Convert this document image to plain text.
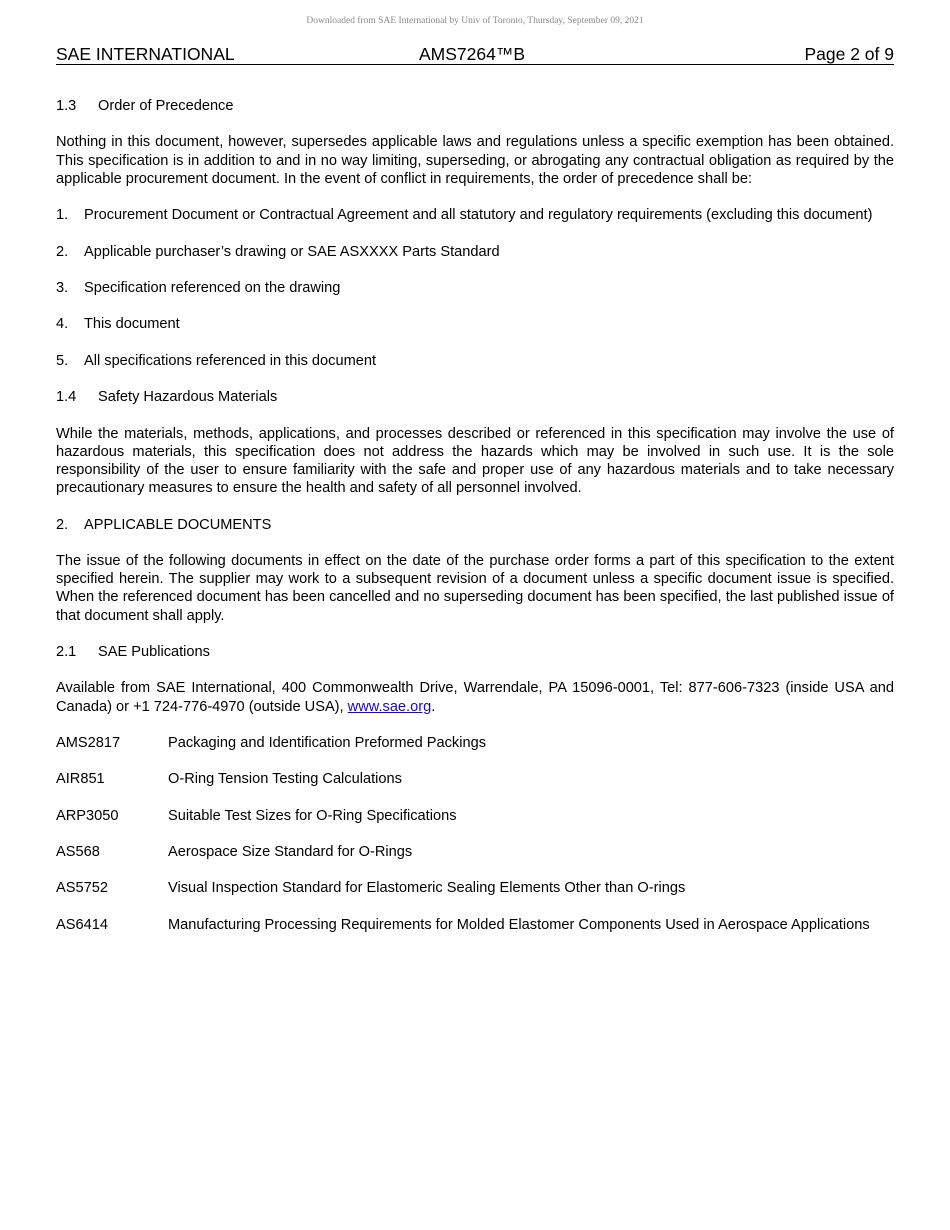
Downloaded from SAE International by Univ of Toronto, Thursday, September 09, 2021
SAE INTERNATIONAL	AMS7264™B	Page 2 of 9
1.3	Order of Precedence

Nothing in this document, however, supersedes applicable laws and regulations unless a specific exemption has been obtained. This specification is in addition to and in no way limiting, superseding, or abrogating any contractual obligation as required by the applicable procurement document. In the event of conflict in requirements, the order of precedence shall be:

1.	Procurement Document or Contractual Agreement and all statutory and regulatory requirements (excluding this document)
2.	Applicable purchaser’s drawing or SAE ASXXXX Parts Standard
3.	Specification referenced on the drawing
4.	This document
5.	All specifications referenced in this document
1.4	Safety Hazardous Materials

While the materials, methods, applications, and processes described or referenced in this specification may involve the use of hazardous materials, this specification does not address the hazards which may be involved in such use. It is the sole responsibility of the user to ensure familiarity with the safe and proper use of any hazardous materials and to take necessary precautionary measures to ensure the health and safety of all personnel involved.

2.	APPLICABLE DOCUMENTS

The issue of the following documents in effect on the date of the purchase order forms a part of this specification to the extent specified herein. The supplier may work to a subsequent revision of a document unless a specific document issue is specified. When the referenced document has been cancelled and no superseding document has been specified, the last published issue of that document shall apply.

2.1	SAE Publications

Available from SAE International, 400 Commonwealth Drive, Warrendale, PA 15096-0001, Tel: 877-606-7323 (inside USA and Canada) or +1 724-776-4970 (outside USA), www.sae.org.

AMS2817	Packaging and Identification Preformed Packings
AIR851	O-Ring Tension Testing Calculations
ARP3050	Suitable Test Sizes for O-Ring Specifications
AS568	Aerospace Size Standard for O-Rings
AS5752	Visual Inspection Standard for Elastomeric Sealing Elements Other than O-rings
AS6414	Manufacturing Processing Requirements for Molded Elastomer Components Used in Aerospace Applications
